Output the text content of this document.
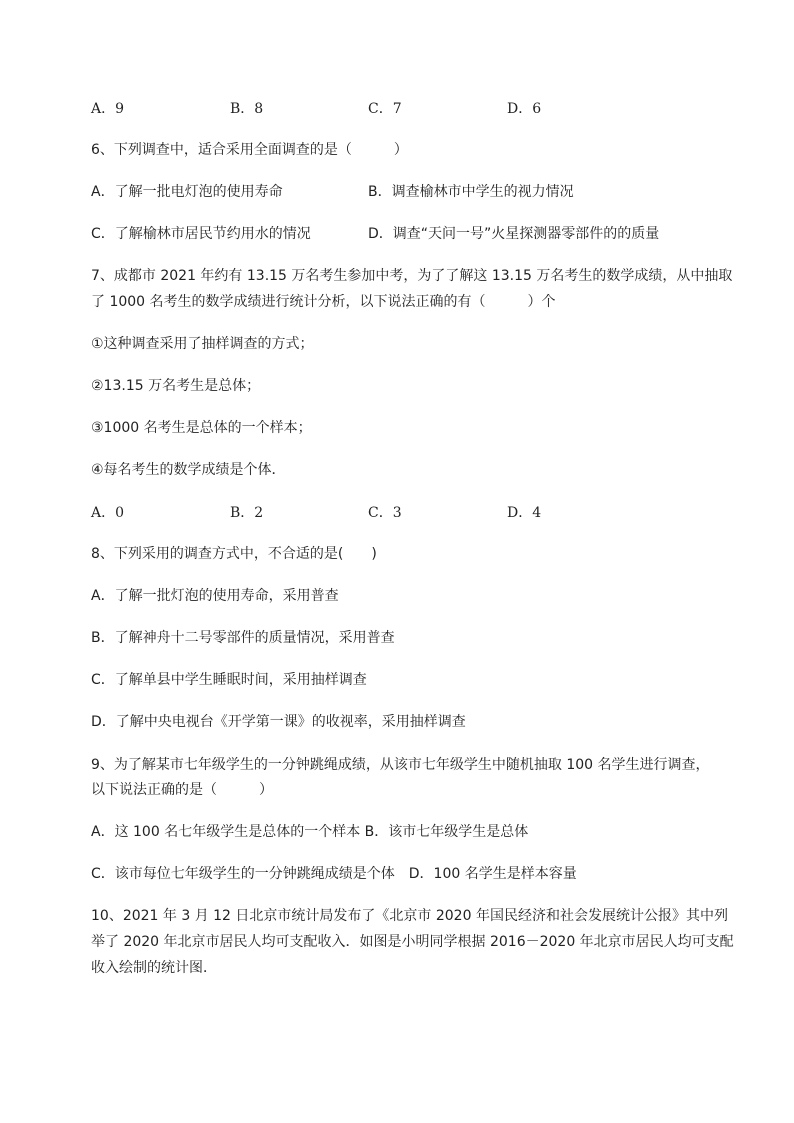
A．9	B．8	C．7	D．6
6、下列调查中，适合采用全面调查的是（　　　）
A．了解一批电灯泡的使用寿命	B．调查榆林市中学生的视力情况
C．了解榆林市居民节约用水的情况	D．调查“天问一号”火星探测器零部件的的质量
7、成都市 2021 年约有 13.15 万名考生参加中考，为了了解这 13.15 万名考生的数学成绩，从中抽取
了 1000 名考生的数学成绩进行统计分析，以下说法正确的有（　　　）个
①这种调查采用了抽样调查的方式；
②13.15 万名考生是总体；
③1000 名考生是总体的一个样本；
④每名考生的数学成绩是个体．
A．0	B．2	C．3	D．4
8、下列采用的调查方式中，不合适的是(　　)
A．了解一批灯泡的使用寿命，采用普查
B．了解神舟十二号零部件的质量情况，采用普查
C．了解单县中学生睡眠时间，采用抽样调查
D．了解中央电视台《开学第一课》的收视率，采用抽样调查
9、为了解某市七年级学生的一分钟跳绳成绩，从该市七年级学生中随机抽取 100 名学生进行调查，
以下说法正确的是（　　　）
A．这 100 名七年级学生是总体的一个样本 B．该市七年级学生是总体
C．该市每位七年级学生的一分钟跳绳成绩是个体　D．100 名学生是样本容量
10、2021 年 3 月 12 日北京市统计局发布了《北京市 2020 年国民经济和社会发展统计公报》其中列
举了 2020 年北京市居民人均可支配收入．如图是小明同学根据 2016－2020 年北京市居民人均可支配
收入绘制的统计图．
